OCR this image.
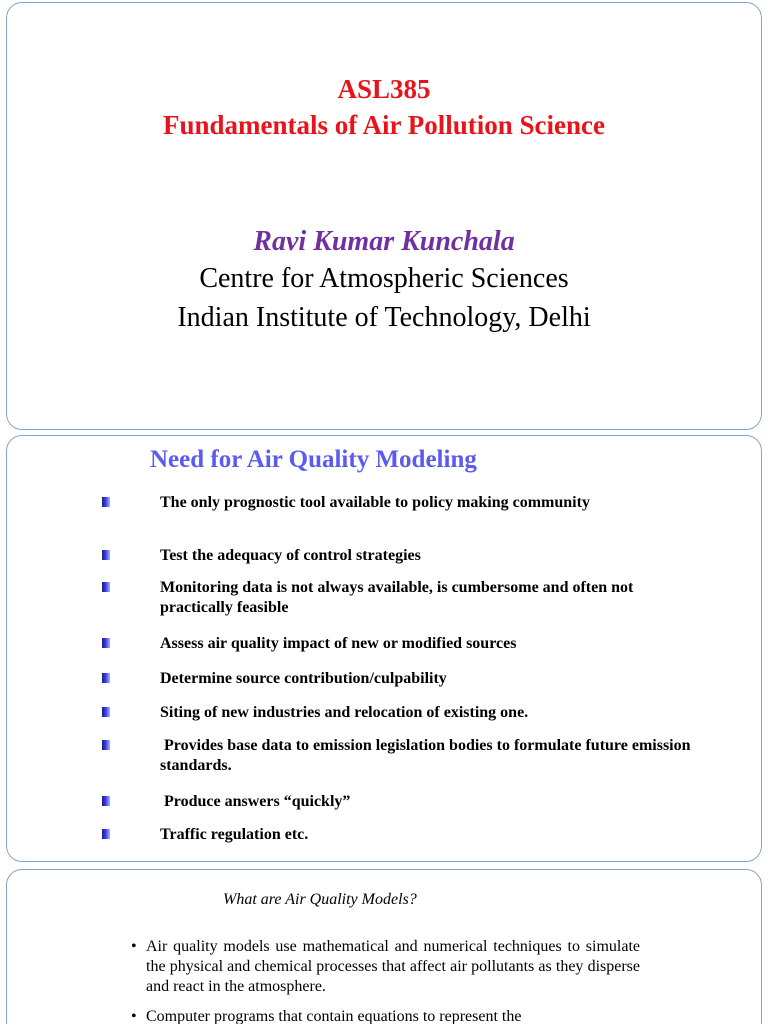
ASL385
Fundamentals of Air Pollution Science
Ravi Kumar Kunchala
Centre for Atmospheric Sciences
Indian Institute of Technology, Delhi
Need for Air Quality Modeling
The only prognostic tool available to policy making community
Test the adequacy of control strategies
Monitoring data is not always available, is cumbersome and often not practically feasible
Assess air quality impact of new or modified sources
Determine source contribution/culpability
Siting of new industries and relocation of existing one.
Provides base data to emission legislation bodies to formulate future emission standards.
Produce answers “quickly”
Traffic regulation etc.
What are Air Quality Models?
• Air quality models use mathematical and numerical techniques to simulate the physical and chemical processes that affect air pollutants as they disperse and react in the atmosphere.
• Computer programs that contain equations to represent the
